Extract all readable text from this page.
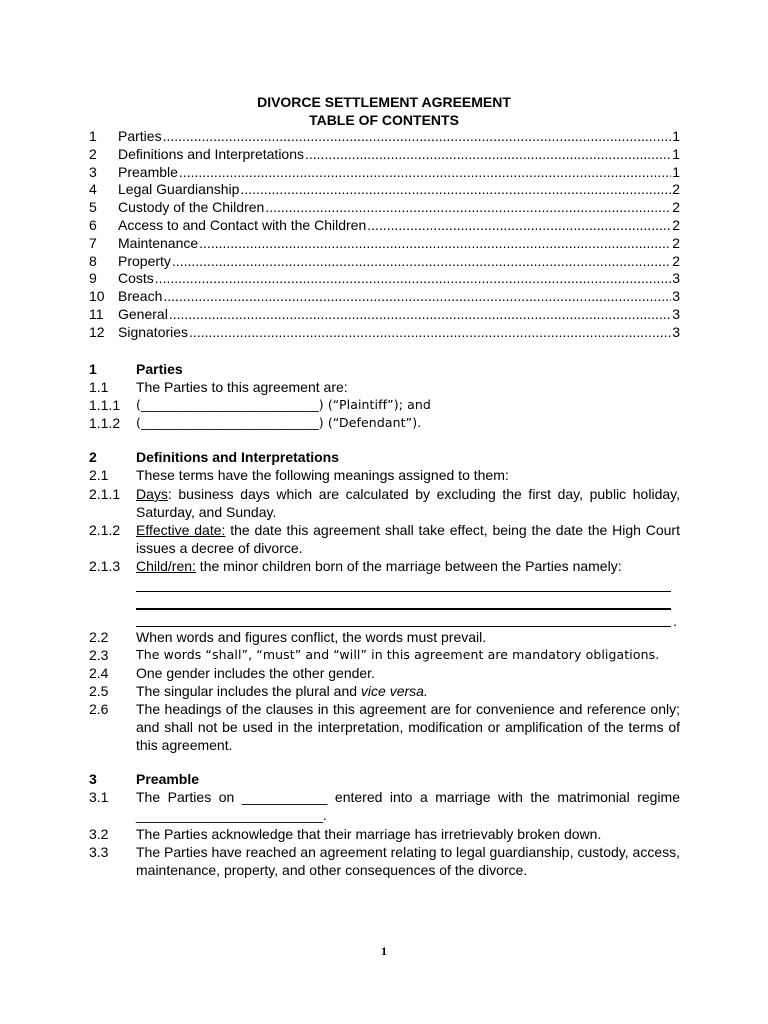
DIVORCE SETTLEMENT AGREEMENT
TABLE OF CONTENTS
1	Parties .....	1
2	Definitions and Interpretations .....	1
3	Preamble .....	1
4	Legal Guardianship .....	2
5	Custody of the Children .....	2
6	Access to and Contact with the Children .....	2
7	Maintenance .....	2
8	Property .....	2
9	Costs .....	3
10 Breach .....	3
11	General .....	3
12 Signatories .....	3
1	Parties
1.1 The Parties to this agreement are:
1.1.1 (____________________________) (“Plaintiff”); and
1.1.2 (____________________________) (“Defendant”).
2	Definitions and Interpretations
2.1 These terms have the following meanings assigned to them:
2.1.1 Days: business days which are calculated by excluding the first day, public holiday, Saturday, and Sunday.
2.1.2 Effective date: the date this agreement shall take effect, being the date the High Court issues a decree of divorce.
2.1.3 Child/ren: the minor children born of the marriage between the Parties namely:
.
2.2 When words and figures conflict, the words must prevail.
2.3 The words “shall”, “must” and “will” in this agreement are mandatory obligations.
2.4 One gender includes the other gender.
2.5 The singular includes the plural and vice versa.
2.6 The headings of the clauses in this agreement are for convenience and reference only; and shall not be used in the interpretation, modification or amplification of the terms of this agreement.
3	Preamble
3.1 The Parties on ___________ entered into a marriage with the matrimonial regime ________________________.
3.2 The Parties acknowledge that their marriage has irretrievably broken down.
3.3 The Parties have reached an agreement relating to legal guardianship, custody, access, maintenance, property, and other consequences of the divorce.
1
